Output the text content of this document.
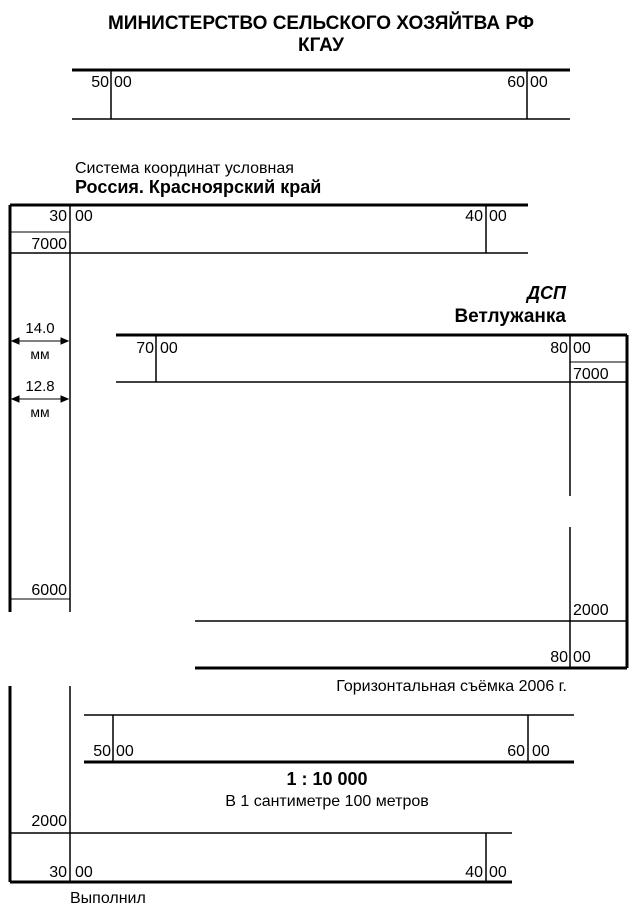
МИНИСТЕРСТВО СЕЛЬСКОГО ХОЗЯЙТВА РФ
КГАУ
50 00	60 00
Система координат условная
Россия. Красноярский край
30 00	40 00
7000
6000
14.0
мм
12.8
мм
ДСП
Ветлужанка
70 00	80 00
7000
2000
80 00
Горизонтальная съёмка 2006 г.
50 00	60 00
1 : 10 000
В 1 сантиметре 100 метров
2000
30 00	40 00
Выполнил
